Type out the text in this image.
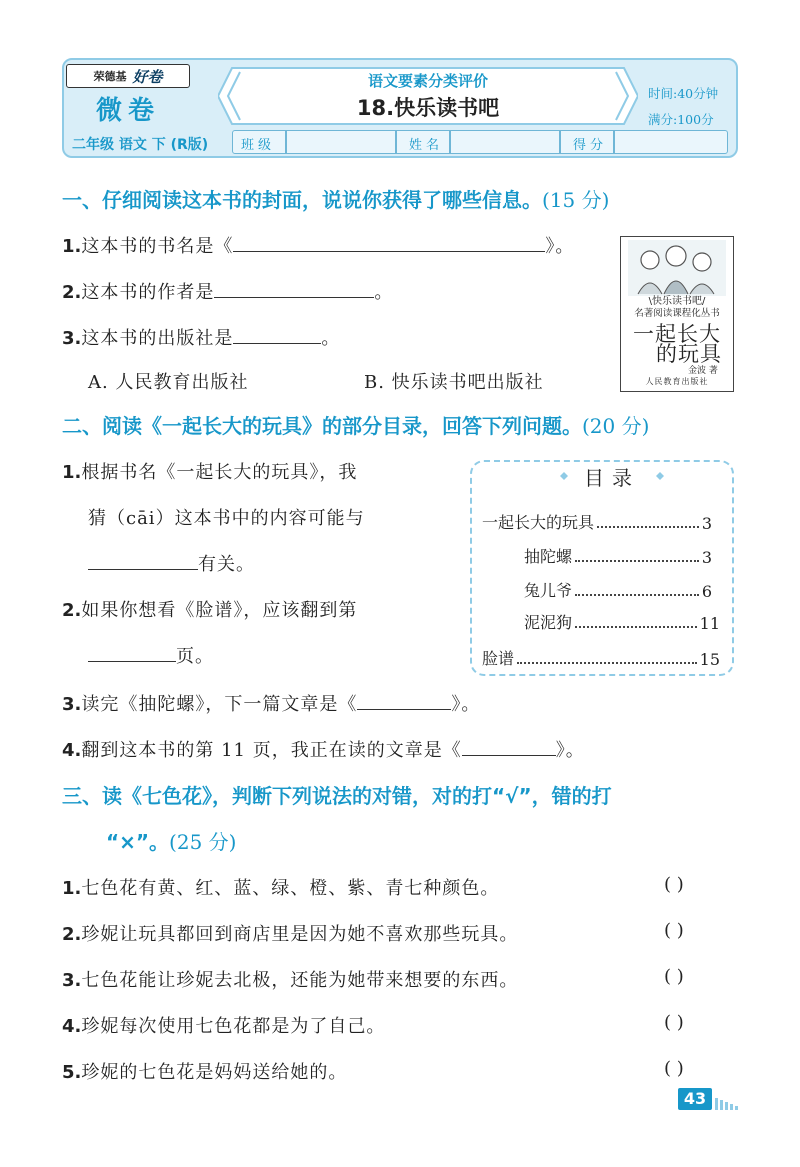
荣德基 好卷
微卷
二年级 语文 下 (R版)
语文要素分类评价
18.快乐读书吧
时间:40分钟
满分:100分
班级	姓名	得分
一、仔细阅读这本书的封面，说说你获得了哪些信息。(15 分)
1.这本书的书名是《	》。
2.这本书的作者是	。
3.这本书的出版社是	。
A. 人民教育出版社	B. 快乐读书吧出版社
\快乐读书吧/
名著阅读课程化丛书
一起长大
的玩具
金波 著
人民教育出版社
二、阅读《一起长大的玩具》的部分目录，回答下列问题。(20 分)
1.根据书名《一起长大的玩具》，我
猜（cāi）这本书中的内容可能与
有关。
2.如果你想看《脸谱》，应该翻到第
页。
3.读完《抽陀螺》，下一篇文章是《	》。
4.翻到这本书的第 11 页，我正在读的文章是《	》。
目录
一起长大的玩具	3
抽陀螺	3
兔儿爷	6
泥泥狗	11
脸谱	15
三、读《七色花》，判断下列说法的对错，对的打“√”，错的打
“×”。(25 分)
1.七色花有黄、红、蓝、绿、橙、紫、青七种颜色。	( )
2.珍妮让玩具都回到商店里是因为她不喜欢那些玩具。	( )
3.七色花能让珍妮去北极，还能为她带来想要的东西。	( )
4.珍妮每次使用七色花都是为了自己。	( )
5.珍妮的七色花是妈妈送给她的。	( )
43
